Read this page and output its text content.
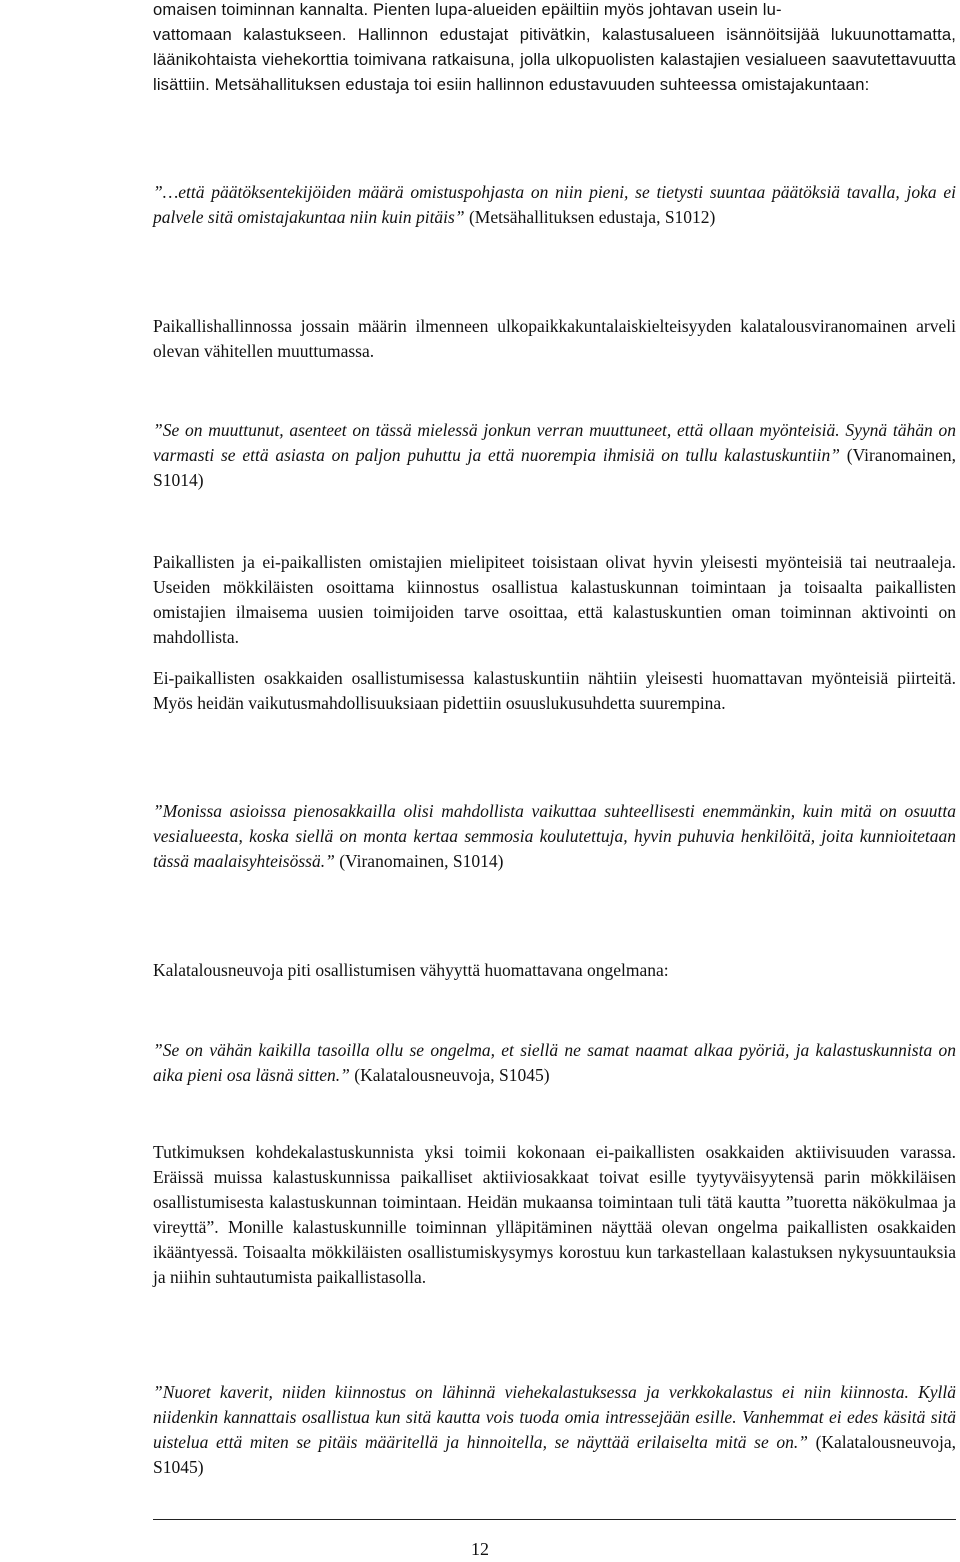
omaisen toiminnan kannalta. Pienten lupa-alueiden epäiltiin myös johtavan usein lu-
vattomaan kalastukseen. Hallinnon edustajat pitivätkin, kalastusalueen isännöitsijää lukuunottamatta, läänikohtaista viehekorttia toimivana ratkaisuna, jolla ulkopuolisten kalastajien vesialueen saavutettavuutta lisättiin. Metsähallituksen edustaja toi esiin hallinnon edustavuuden suhteessa omistajakuntaan:

”…että päätöksentekijöiden määrä omistuspohjasta on niin pieni, se tietysti suuntaa päätöksiä tavalla, joka ei palvele sitä omistajakuntaa niin kuin pitäis” (Metsähallituksen edustaja, S1012)

Paikallishallinnossa jossain määrin ilmenneen ulkopaikkakuntalaiskielteisyyden kalatalousviranomainen arveli olevan vähitellen muuttumassa.

”Se on muuttunut, asenteet on tässä mielessä jonkun verran muuttuneet, että ollaan myönteisiä. Syynä tähän on varmasti se että asiasta on paljon puhuttu ja että nuorempia ihmisiä on tullu kalastuskuntiin” (Viranomainen, S1014)

Paikallisten ja ei-paikallisten omistajien mielipiteet toisistaan olivat hyvin yleisesti myönteisiä tai neutraaleja. Useiden mökkiläisten osoittama kiinnostus osallistua kalastuskunnan toimintaan ja toisaalta paikallisten omistajien ilmaisema uusien toimijoiden tarve osoittaa, että kalastuskuntien oman toiminnan aktivointi on mahdollista.

Ei-paikallisten osakkaiden osallistumisessa kalastuskuntiin nähtiin yleisesti huomattavan myönteisiä piirteitä. Myös heidän vaikutusmahdollisuuksiaan pidettiin osuuslukusuhdetta suurempina.

”Monissa asioissa pienosakkailla olisi mahdollista vaikuttaa suhteellisesti enemmänkin, kuin mitä on osuutta vesialueesta, koska siellä on monta kertaa semmosia koulutettuja, hyvin puhuvia henkilöitä, joita kunnioitetaan tässä maalaisyhteisössä.” (Viranomainen, S1014)

Kalatalousneuvoja piti osallistumisen vähyyttä huomattavana ongelmana:

”Se on vähän kaikilla tasoilla ollu se ongelma, et siellä ne samat naamat alkaa pyöriä, ja kalastuskunnista on aika pieni osa läsnä sitten.” (Kalatalousneuvoja, S1045)

Tutkimuksen kohdekalastuskunnista yksi toimii kokonaan ei-paikallisten osakkaiden aktiivisuuden varassa. Eräissä muissa kalastuskunnissa paikalliset aktiiviosakkaat toivat esille tyytyväisyytensä parin mökkiläisen osallistumisesta kalastuskunnan toimintaan. Heidän mukaansa toimintaan tuli tätä kautta ”tuoretta näkökulmaa ja vireyttä”. Monille kalastuskunnille toiminnan ylläpitäminen näyttää olevan ongelma paikallisten osakkaiden ikääntyessä. Toisaalta mökkiläisten osallistumiskysymys korostuu kun tarkastellaan kalastuksen nykysuuntauksia ja niihin suhtautumista paikallistasolla.

”Nuoret kaverit, niiden kiinnostus on lähinnä viehekalastuksessa ja verkkokalastus ei niin kiinnosta. Kyllä niidenkin kannattais osallistua kun sitä kautta vois tuoda omia intressejään esille. Vanhemmat ei edes käsitä sitä uistelua että miten se pitäis määritellä ja hinnoitella, se näyttää erilaiselta mitä se on.” (Kalatalousneuvoja, S1045)

12
